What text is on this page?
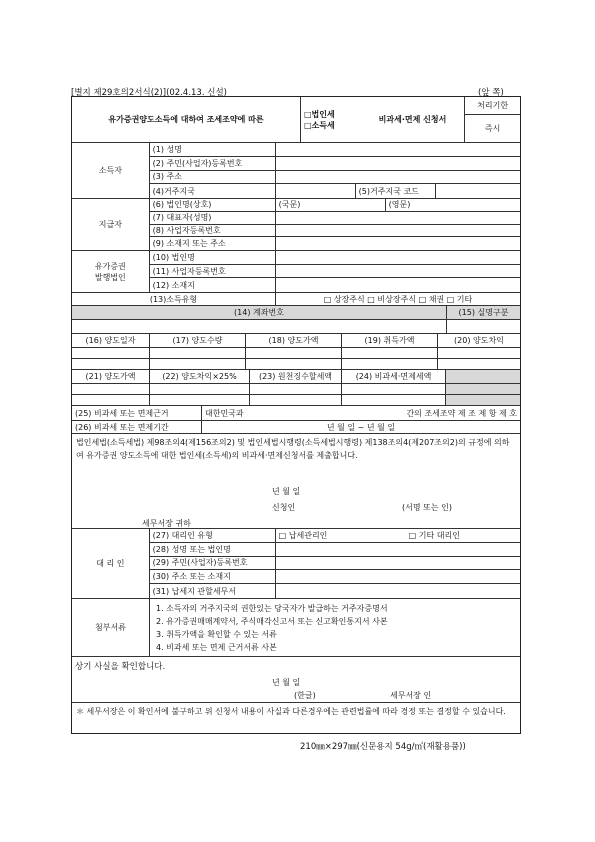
[별지 제29호의2서식(2)](02.4.13. 신설)	(앞 쪽)
유가증권양도소득에 대하여 조세조약에 따른
□법인세
□소득세
비과세·면제 신청서
처리기한
즉시
소득자
(1) 성명
(2) 주민(사업자)등록번호
(3) 주소
(4)거주지국	(5)거주지국 코드
지급자
(6) 법인명(상호)	(국문)	(영문)
(7) 대표자(성명)
(8) 사업자등록번호
(9) 소재지 또는 주소
유가증권
발행법인
(10) 법인명
(11) 사업자등록번호
(12) 소재지
(13)소득유형	□ 상장주식 □ 비상장주식 □ 채권 □ 기타
(14) 계좌번호	(15) 실명구분
(16) 양도일자	(17) 양도수량	(18) 양도가액	(19) 취득가액	(20) 양도차익
(21) 양도가액	(22) 양도차익×25%	(23) 원천징수할세액	(24) 비과세·면제세액
(25) 비과세 또는 면제근거	대한민국과	간의 조세조약 제 조 제 항 제 호
(26) 비과세 또는 면제기간	년 월 일 ~ 년 월 일
법인세법(소득세법) 제98조의4(제156조의2) 및 법인세법시행령(소득세법시행령) 제138조의4(제207조의2)의 규정에 의하여 유가증권 양도소득에 대한 법인세(소득세)의 비과세·면제신청서를 제출합니다.
년 월 일
신청인	(서명 또는 인)
세무서장 귀하
대 리 인
(27) 대리인 유형	□ 납세관리인	□ 기타 대리인
(28) 성명 또는 법인명
(29) 주민(사업자)등록번호
(30) 주소 또는 소재지
(31) 납세지 관할세무서
첨부서류
1. 소득자의 거주지국의 권한있는 당국자가 발급하는 거주자증명서
2. 유가증권매매계약서, 주식매각신고서 또는 신고확인통지서 사본
3. 취득가액을 확인할 수 있는 서류
4. 비과세 또는 면제 근거서류 사본
상기 사실을 확인합니다.
년 월 일
(한글)	세무서장 인
＊ 세무서장은 이 확인서에 불구하고 위 신청서 내용이 사실과 다른경우에는 관련법률에 따라 경정 또는 결정할 수 있습니다.
210㎜×297㎜(신문용지 54g/㎡(재활용품))
